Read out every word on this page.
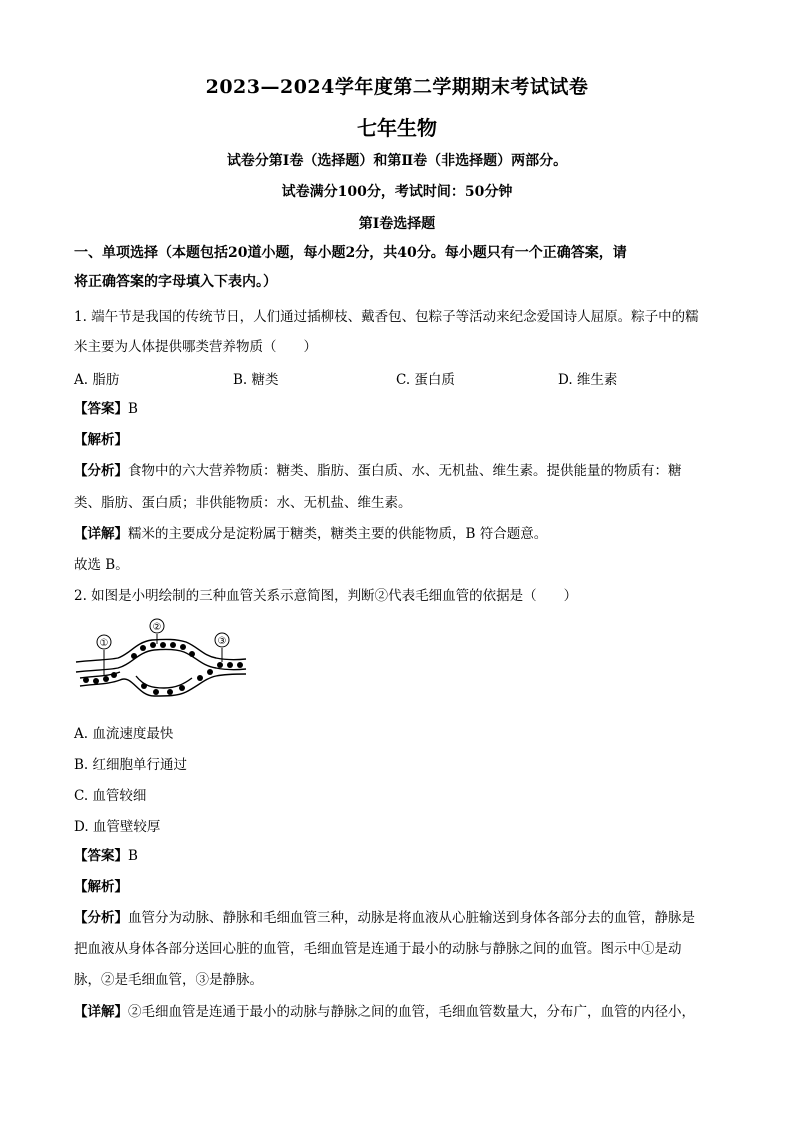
2023—2024学年度第二学期期末考试试卷
七年生物
试卷分第Ⅰ卷（选择题）和第Ⅱ卷（非选择题）两部分。
试卷满分100分，考试时间：50分钟
第Ⅰ卷选择题
一、单项选择（本题包括20道小题，每小题2分，共40分。每小题只有一个正确答案，请
将正确答案的字母填入下表内。）
1. 端午节是我国的传统节日，人们通过插柳枝、戴香包、包粽子等活动来纪念爱国诗人屈原。粽子中的糯
米主要为人体提供哪类营养物质（　　）
A. 脂肪	B. 糖类	C. 蛋白质	D. 维生素
【答案】B
【解析】
【分析】食物中的六大营养物质：糖类、脂肪、蛋白质、水、无机盐、维生素。提供能量的物质有：糖
类、脂肪、蛋白质；非供能物质：水、无机盐、维生素。
【详解】糯米的主要成分是淀粉属于糖类，糖类主要的供能物质，B 符合题意。
故选 B。
2. 如图是小明绘制的三种血管关系示意简图，判断②代表毛细血管的依据是（　　）
①
②
③
A. 血流速度最快
B. 红细胞单行通过
C. 血管较细
D. 血管壁较厚
【答案】B
【解析】
【分析】血管分为动脉、静脉和毛细血管三种，动脉是将血液从心脏输送到身体各部分去的血管，静脉是
把血液从身体各部分送回心脏的血管，毛细血管是连通于最小的动脉与静脉之间的血管。图示中①是动
脉，②是毛细血管，③是静脉。
【详解】②毛细血管是连通于最小的动脉与静脉之间的血管，毛细血管数量大，分布广，血管的内径小，
